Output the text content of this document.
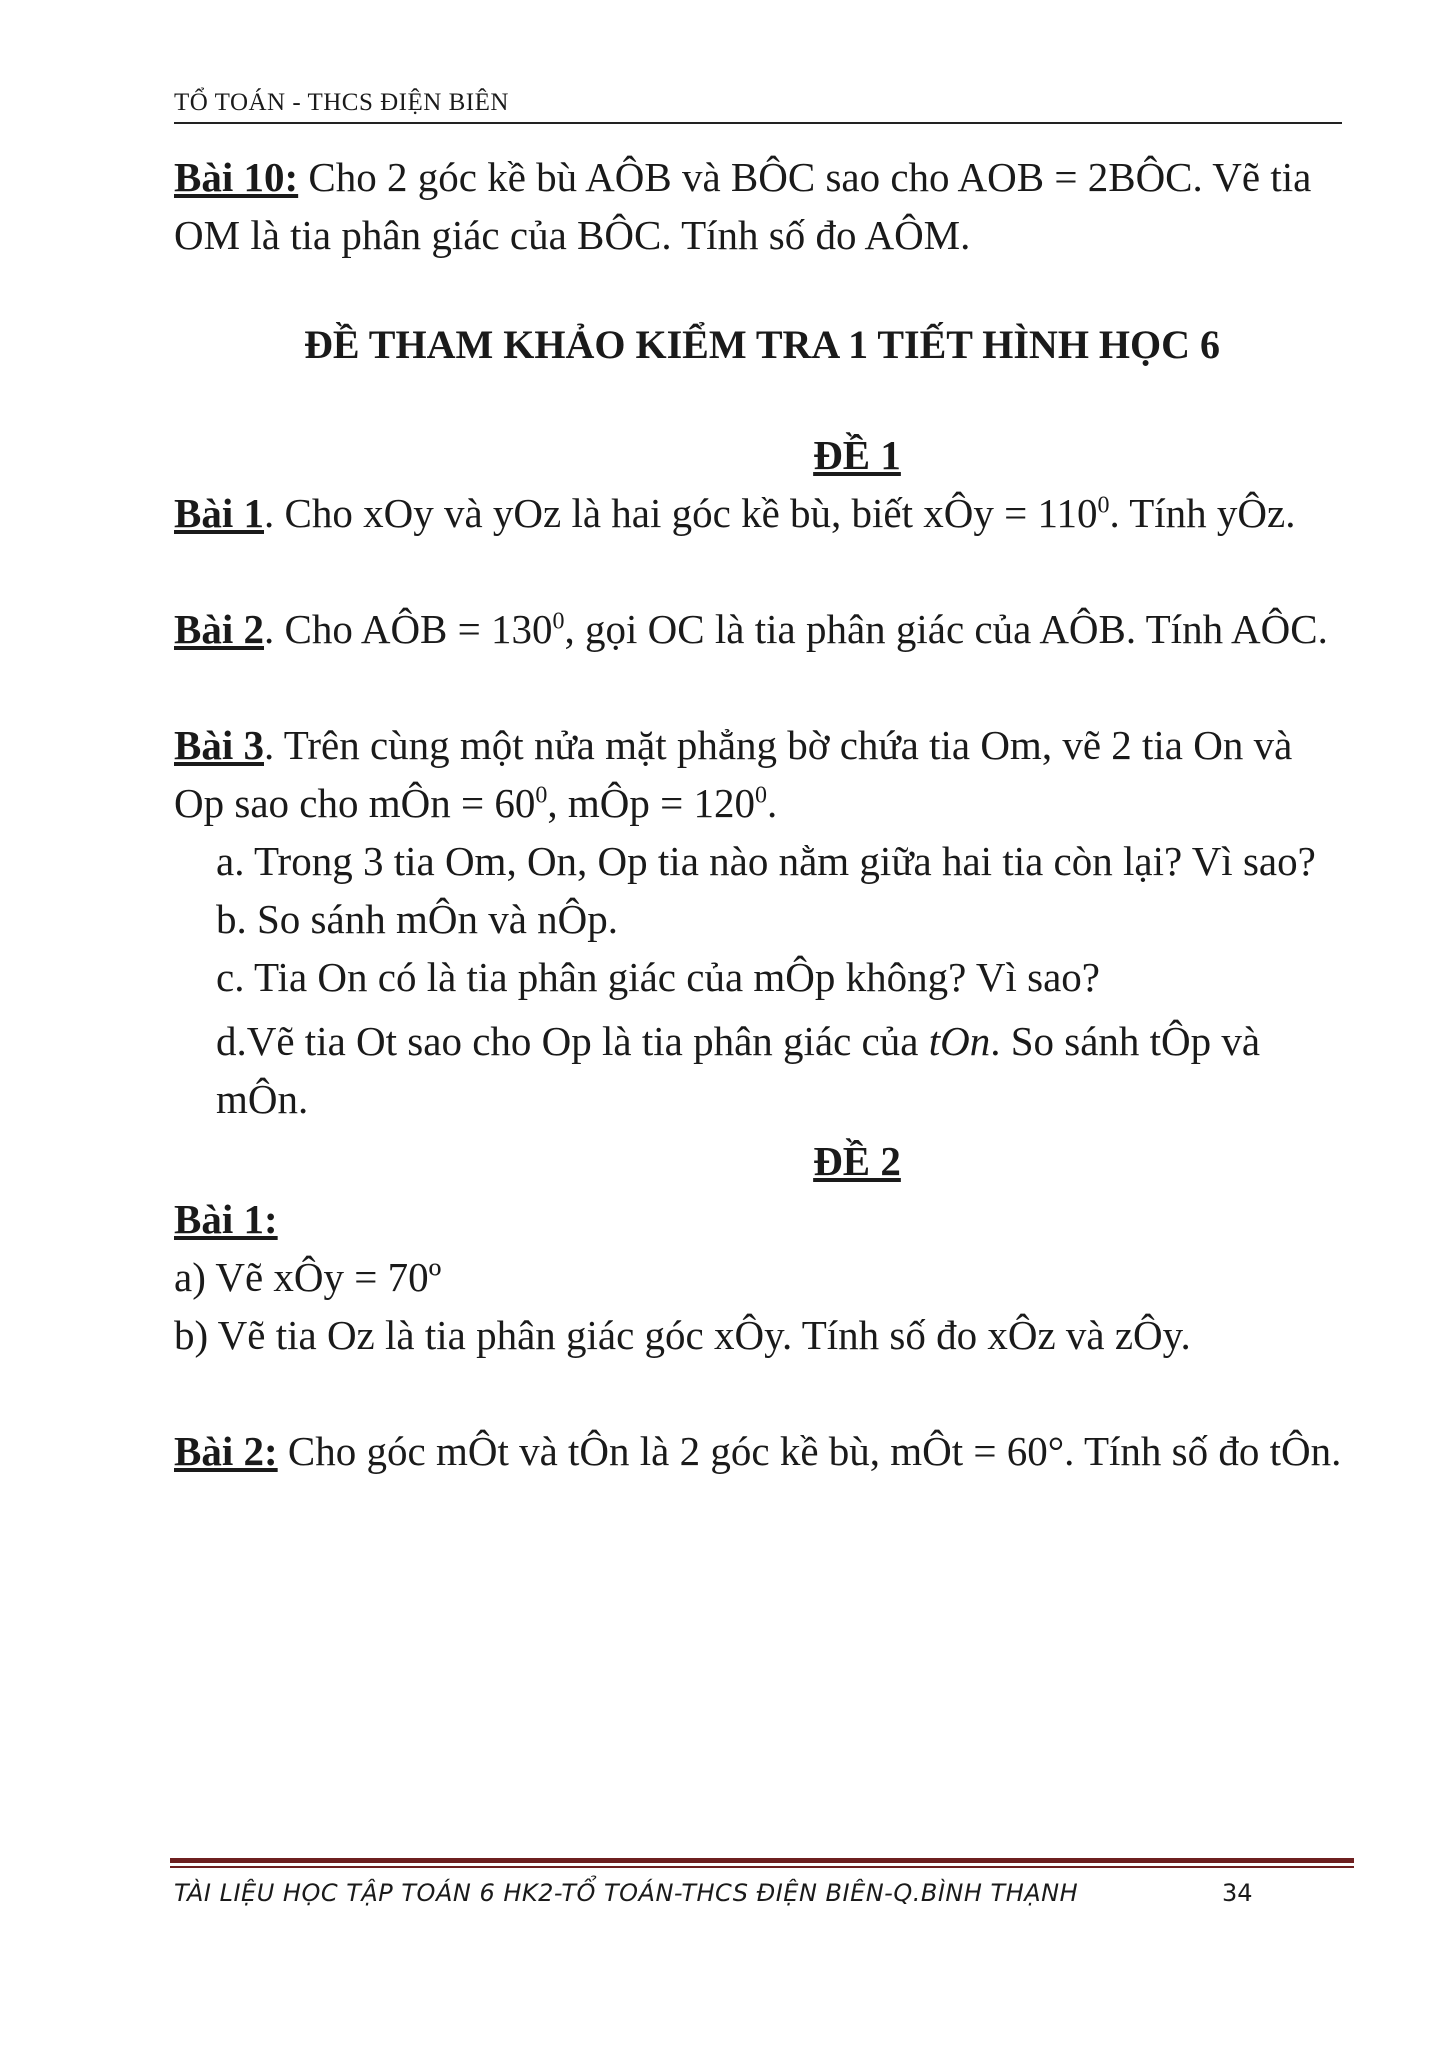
TỔ TOÁN - THCS ĐIỆN BIÊN

Bài 10: Cho 2 góc kề bù AÔB và BÔC sao cho AOB = 2BÔC. Vẽ tia OM là tia phân giác của BÔC. Tính số đo AÔM.

ĐỀ THAM KHẢO KIỂM TRA 1 TIẾT HÌNH HỌC 6

ĐỀ 1

Bài 1. Cho xOy và yOz là hai góc kề bù, biết xÔy = $110^0$. Tính yÔz.

Bài 2. Cho AÔB = $130^0$, gọi OC là tia phân giác của AÔB. Tính AÔC.

Bài 3. Trên cùng một nửa mặt phẳng bờ chứa tia Om, vẽ 2 tia On và Op sao cho mÔn = $60^0$, mÔp = $120^0$.

a. Trong 3 tia Om, On, Op tia nào nằm giữa hai tia còn lại? Vì sao?

b. So sánh mÔn và nÔp.

c. Tia On có là tia phân giác của mÔp không? Vì sao?

d.Vẽ tia Ot sao cho Op là tia phân giác của tOn. So sánh tÔp và mÔn.

ĐỀ 2

Bài 1:

a) Vẽ xÔy = 70º

b) Vẽ tia Oz là tia phân giác góc xÔy. Tính số đo xÔz và zÔy.

Bài 2: Cho góc mÔt và tÔn là 2 góc kề bù, mÔt = 60°. Tính số đo tÔn.

TÀI LIỆU HỌC TẬP TOÁN 6 HK2-TỔ TOÁN-THCS ĐIỆN BIÊN-Q.BÌNH THẠNH	34
